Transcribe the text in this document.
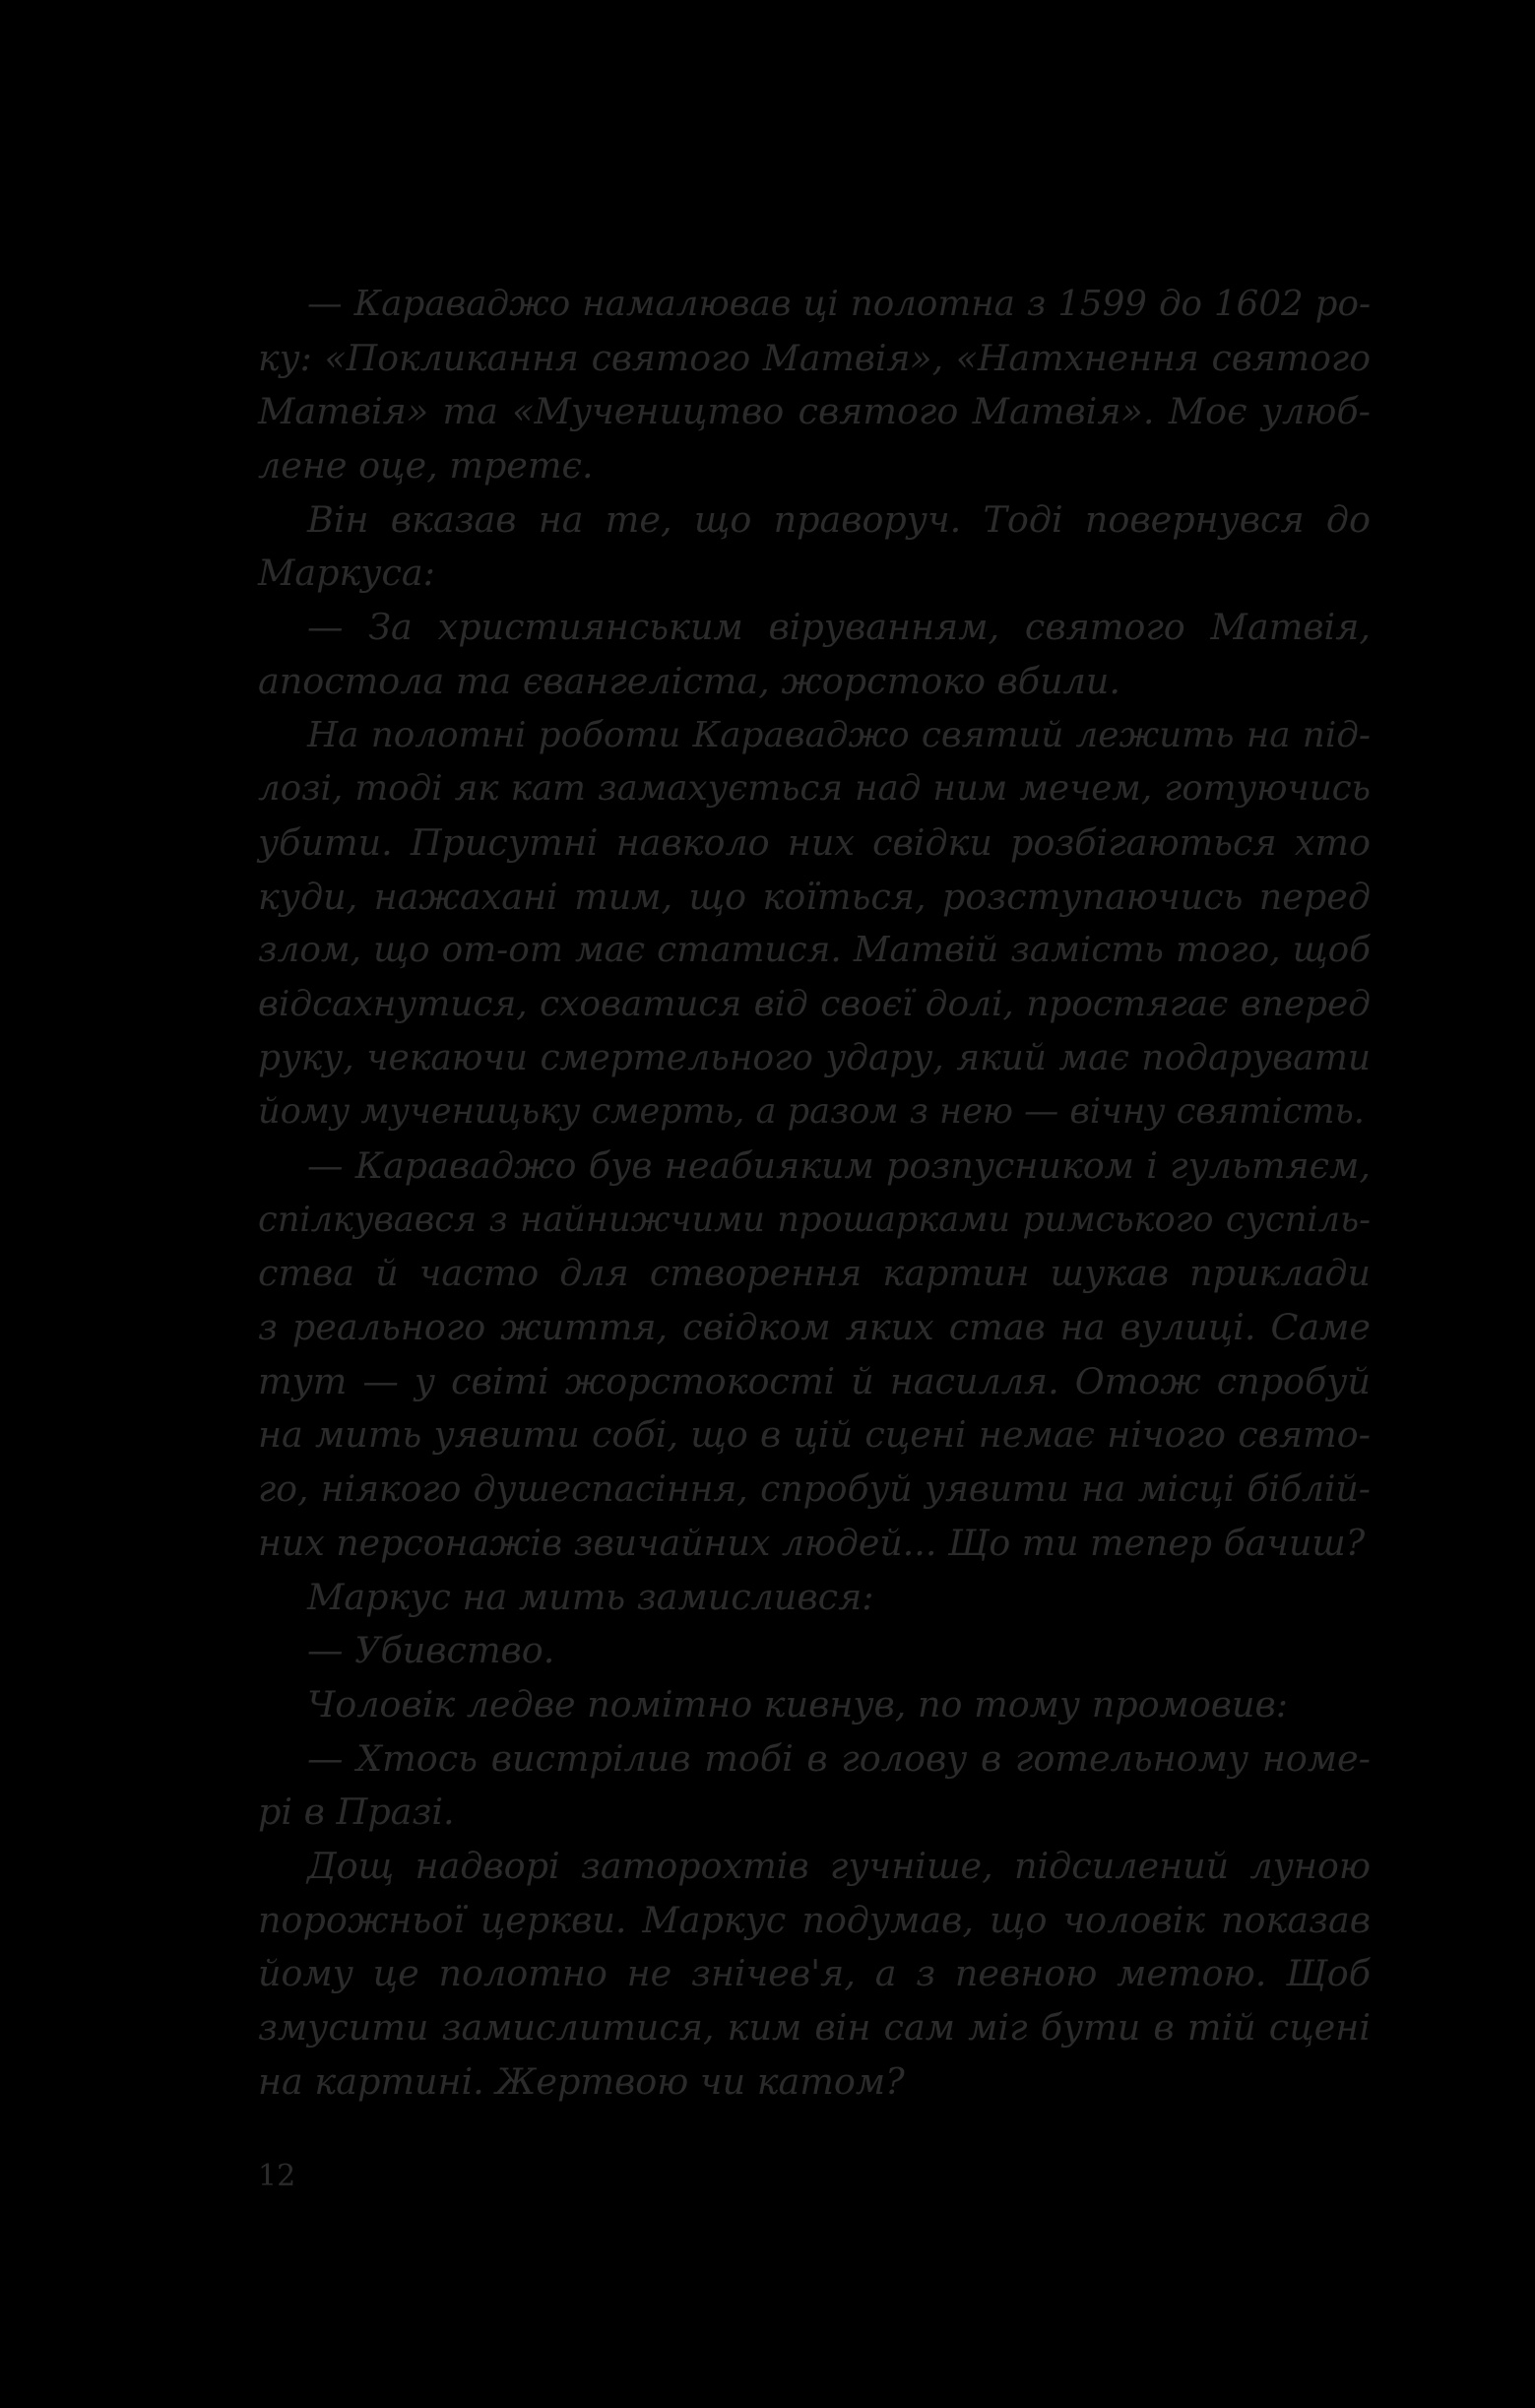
— Караваджо намалював ці полотна з 1599 до 1602 ро-
ку: «Покликання святого Матвія», «Натхнення святого
Матвія» та «Мучеництво святого Матвія». Моє улюб-
лене оце, третє.
Він вказав на те, що праворуч. Тоді повернувся до
Маркуса:
— За християнським віруванням, святого Матвія,
апостола та євангеліста, жорстоко вбили.
На полотні роботи Караваджо святий лежить на під-
лозі, тоді як кат замахується над ним мечем, готуючись
убити. Присутні навколо них свідки розбігаються хто
куди, нажахані тим, що коїться, розступаючись перед
злом, що от-от має статися. Матвій замість того, щоб
відсахнутися, сховатися від своєї долі, простягає вперед
руку, чекаючи смертельного удару, який має подарувати
йому мученицьку смерть, а разом з нею — вічну святість.
— Караваджо був неабияким розпусником і гультяєм,
спілкувався з найнижчими прошарками римського суспіль-
ства й часто для створення картин шукав приклади
з реального життя, свідком яких став на вулиці. Саме
тут — у світі жорстокості й насилля. Отож спробуй
на мить уявити собі, що в цій сцені немає нічого свято-
го, ніякого душеспасіння, спробуй уявити на місці біблій-
них персонажів звичайних людей... Що ти тепер бачиш?
Маркус на мить замислився:
— Убивство.
Чоловік ледве помітно кивнув, по тому промовив:
— Хтось вистрілив тобі в голову в готельному номе-
рі в Празі.
Дощ надворі заторохтів гучніше, підсилений луною
порожньої церкви. Маркус подумав, що чоловік показав
йому це полотно не знічев'я, а з певною метою. Щоб
змусити замислитися, ким він сам міг бути в тій сцені
на картині. Жертвою чи катом?
12
